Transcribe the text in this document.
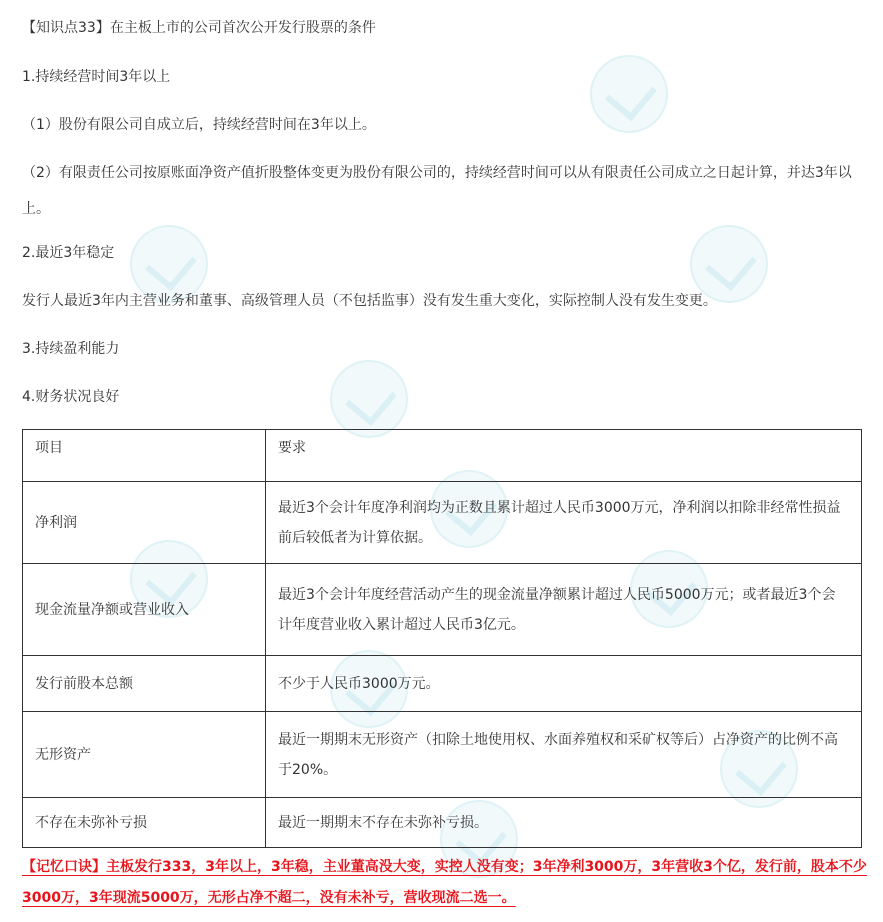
【知识点33】在主板上市的公司首次公开发行股票的条件
1.持续经营时间3年以上
（1）股份有限公司自成立后，持续经营时间在3年以上。
（2）有限责任公司按原账面净资产值折股整体变更为股份有限公司的，持续经营时间可以从有限责任公司成立之日起计算，并达3年以上。
2.最近3年稳定
发行人最近3年内主营业务和董事、高级管理人员（不包括监事）没有发生重大变化，实际控制人没有发生变更。
3.持续盈利能力
4.财务状况良好
项目	要求
净利润	最近3个会计年度净利润均为正数且累计超过人民币3000万元，净利润以扣除非经常性损益前后较低者为计算依据。
现金流量净额或营业收入	最近3个会计年度经营活动产生的现金流量净额累计超过人民币5000万元；或者最近3个会计年度营业收入累计超过人民币3亿元。
发行前股本总额	不少于人民币3000万元。
无形资产	最近一期期末无形资产（扣除土地使用权、水面养殖权和采矿权等后）占净资产的比例不高于20%。
不存在未弥补亏损	最近一期期末不存在未弥补亏损。
【记忆口诀】主板发行333，3年以上，3年稳，主业董高没大变，实控人没有变；3年净利3000万，3年营收3个亿，发行前，股本不少3000万，3年现流5000万，无形占净不超二，没有未补亏，营收现流二选一。
